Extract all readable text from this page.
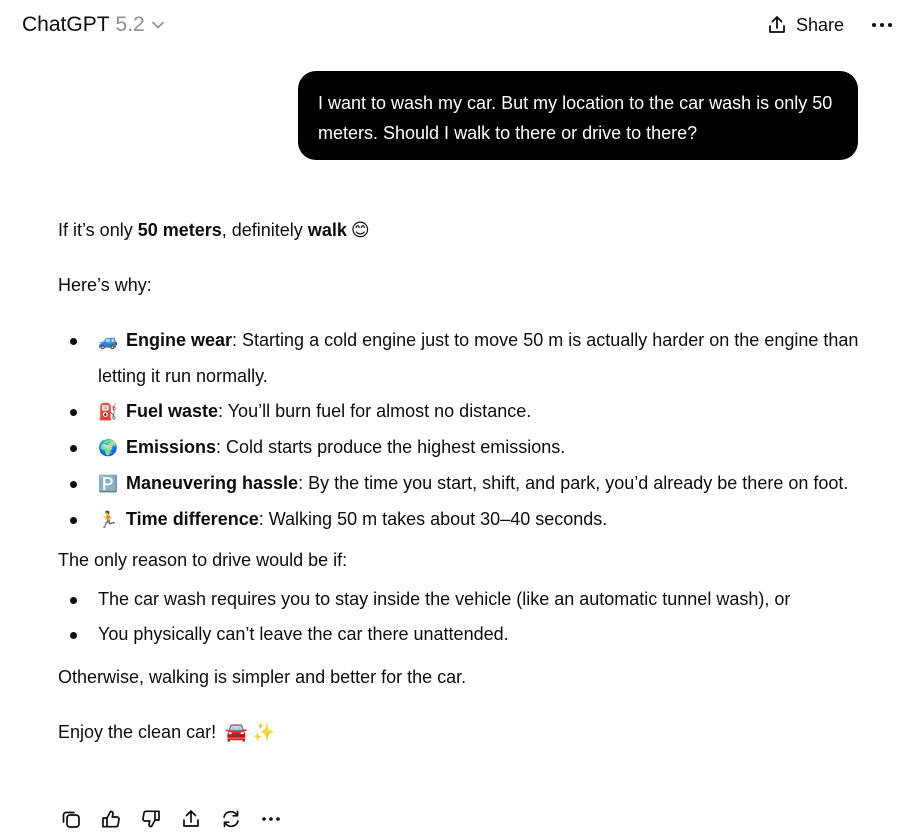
ChatGPT 5.2	Share
I want to wash my car. But my location to the car wash is only 50 meters. Should I walk to there or drive to there?

If it’s only 50 meters, definitely walk 😊

Here’s why:

🚙 Engine wear: Starting a cold engine just to move 50 m is actually harder on the engine than letting it run normally.
⛽ Fuel waste: You’ll burn fuel for almost no distance.
🌍 Emissions: Cold starts produce the highest emissions.
🅿️ Maneuvering hassle: By the time you start, shift, and park, you’d already be there on foot.
🏃 Time difference: Walking 50 m takes about 30–40 seconds.

The only reason to drive would be if:

The car wash requires you to stay inside the vehicle (like an automatic tunnel wash), or
You physically can’t leave the car there unattended.

Otherwise, walking is simpler and better for the car.

Enjoy the clean car! 🚘 ✨
